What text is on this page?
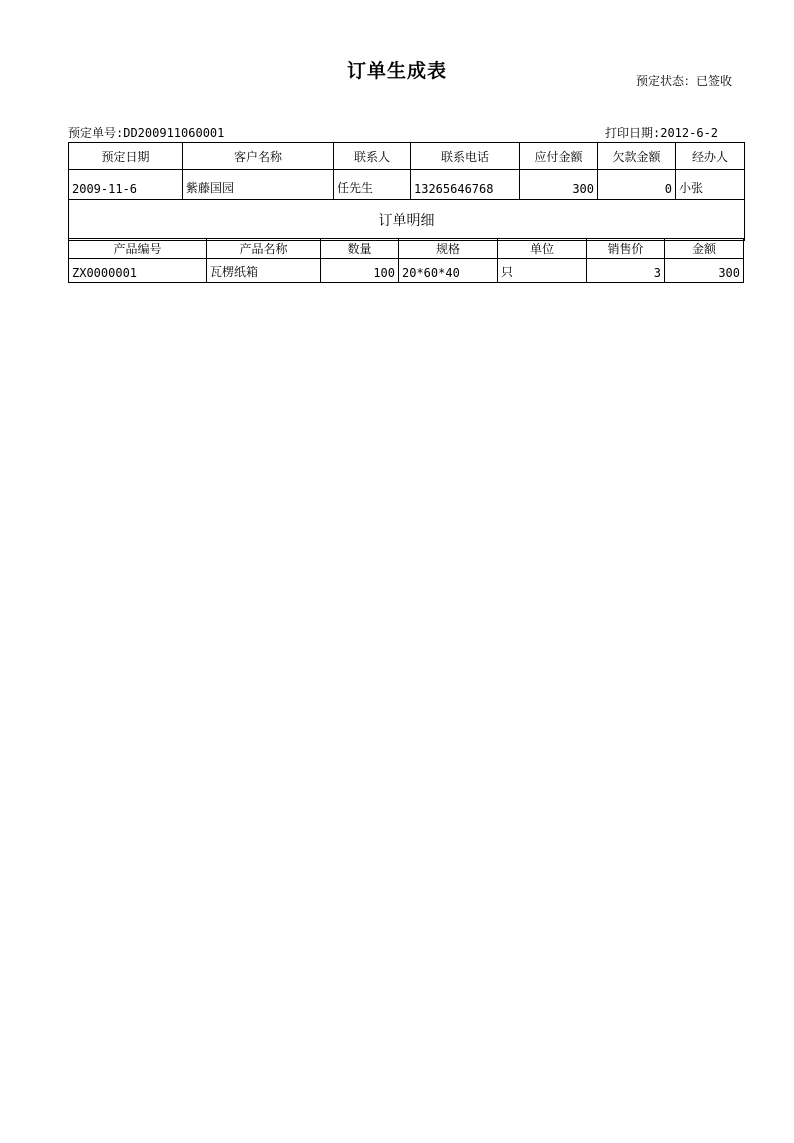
订单生成表	预定状态：已签收
预定单号:DD200911060001	打印日期:2012-6-2
预定日期	客户名称	联系人	联系电话	应付金额	欠款金额	经办人
2009-11-6	紫藤国园	任先生	13265646768	300	0	小张
订单明细						
产品编号	产品名称	数量	规格	单位	销售价	金额
ZX0000001	瓦楞纸箱	100	20*60*40	只	3	300
